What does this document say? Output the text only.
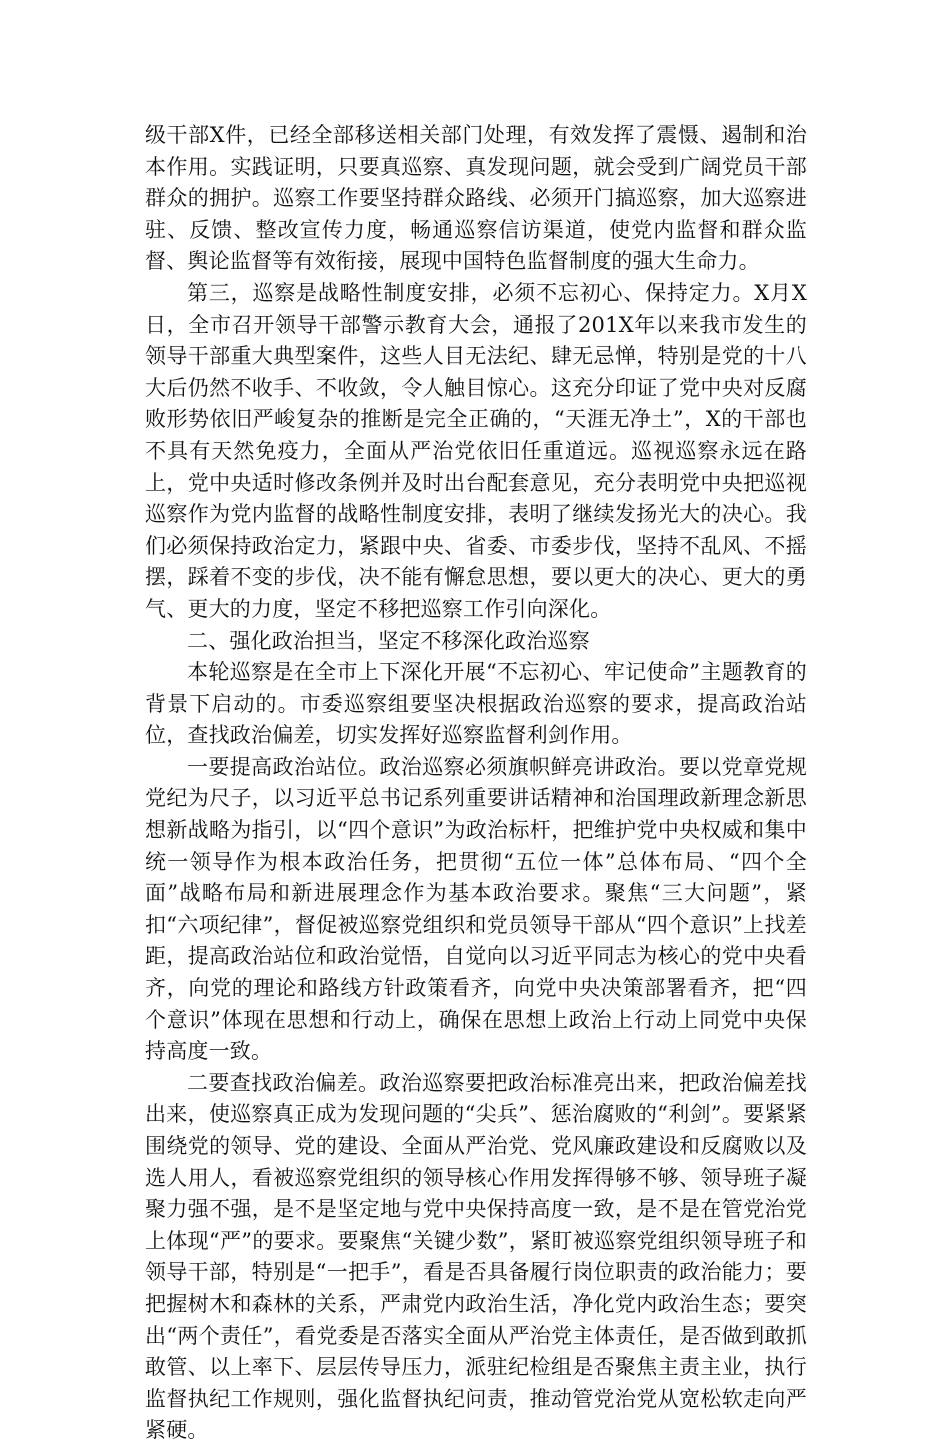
级干部X件，已经全部移送相关部门处理，有效发挥了震慑、遏制和治本作用。实践证明，只要真巡察、真发现问题，就会受到广阔党员干部群众的拥护。巡察工作要坚持群众路线、必须开门搞巡察，加大巡察进驻、反馈、整改宣传力度，畅通巡察信访渠道，使党内监督和群众监督、舆论监督等有效衔接，展现中国特色监督制度的强大生命力。

第三，巡察是战略性制度安排，必须不忘初心、保持定力。X月X日，全市召开领导干部警示教育大会，通报了201X年以来我市发生的领导干部重大典型案件，这些人目无法纪、肆无忌惮，特别是党的十八大后仍然不收手、不收敛，令人触目惊心。这充分印证了党中央对反腐败形势依旧严峻复杂的推断是完全正确的，“天涯无净土”，X的干部也不具有天然免疫力，全面从严治党依旧任重道远。巡视巡察永远在路上，党中央适时修改条例并及时出台配套意见，充分表明党中央把巡视巡察作为党内监督的战略性制度安排，表明了继续发扬光大的决心。我们必须保持政治定力，紧跟中央、省委、市委步伐，坚持不乱风、不摇摆，踩着不变的步伐，决不能有懈怠思想，要以更大的决心、更大的勇气、更大的力度，坚定不移把巡察工作引向深化。

二、强化政治担当，坚定不移深化政治巡察

本轮巡察是在全市上下深化开展“不忘初心、牢记使命”主题教育的背景下启动的。市委巡察组要坚决根据政治巡察的要求，提高政治站位，查找政治偏差，切实发挥好巡察监督利剑作用。

一要提高政治站位。政治巡察必须旗帜鲜亮讲政治。要以党章党规党纪为尺子，以习近平总书记系列重要讲话精神和治国理政新理念新思想新战略为指引，以“四个意识”为政治标杆，把维护党中央权威和集中统一领导作为根本政治任务，把贯彻“五位一体”总体布局、“四个全面”战略布局和新进展理念作为基本政治要求。聚焦“三大问题”，紧扣“六项纪律”，督促被巡察党组织和党员领导干部从“四个意识”上找差距，提高政治站位和政治觉悟，自觉向以习近平同志为核心的党中央看齐，向党的理论和路线方针政策看齐，向党中央决策部署看齐，把“四个意识”体现在思想和行动上，确保在思想上政治上行动上同党中央保持高度一致。

二要查找政治偏差。政治巡察要把政治标准亮出来，把政治偏差找出来，使巡察真正成为发现问题的“尖兵”、惩治腐败的“利剑”。要紧紧围绕党的领导、党的建设、全面从严治党、党风廉政建设和反腐败以及选人用人，看被巡察党组织的领导核心作用发挥得够不够、领导班子凝聚力强不强，是不是坚定地与党中央保持高度一致，是不是在管党治党上体现“严”的要求。要聚焦“关键少数”，紧盯被巡察党组织领导班子和领导干部，特别是“一把手”，看是否具备履行岗位职责的政治能力；要把握树木和森林的关系，严肃党内政治生活，净化党内政治生态；要突出“两个责任”，看党委是否落实全面从严治党主体责任，是否做到敢抓敢管、以上率下、层层传导压力，派驻纪检组是否聚焦主责主业，执行监督执纪工作规则，强化监督执纪问责，推动管党治党从宽松软走向严紧硬。
